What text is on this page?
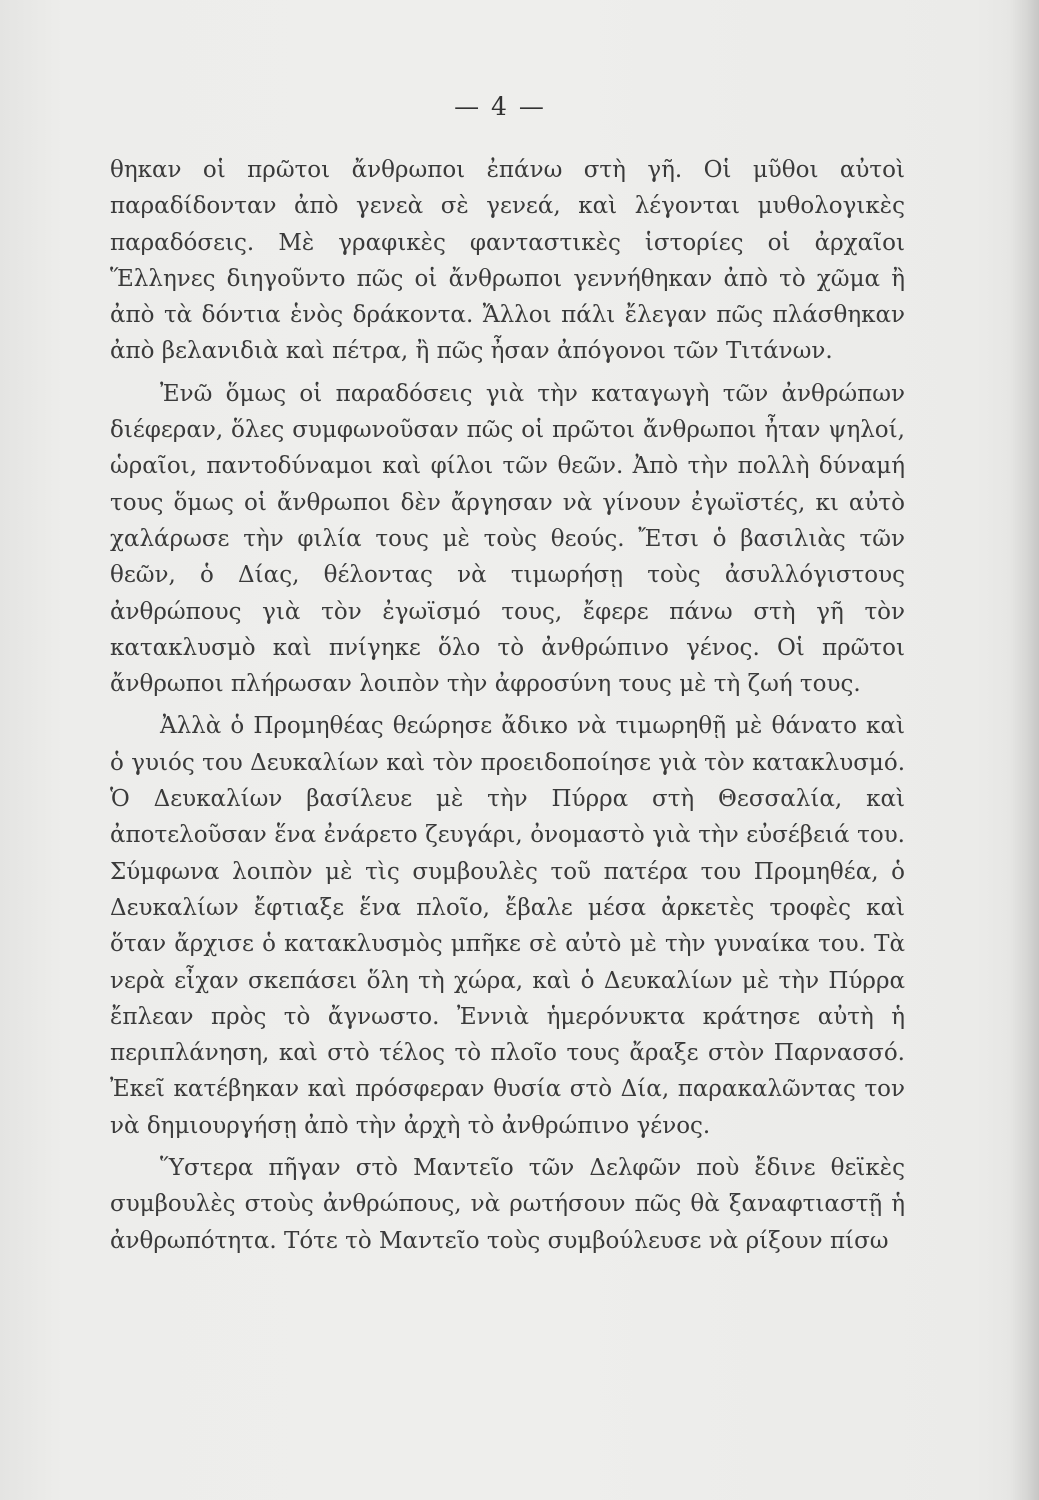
— 4 —

θηκαν οἱ πρῶτοι ἄνθρωποι ἐπάνω στὴ γῆ. Οἱ μῦθοι αὐτοὶ παραδίδονταν ἀπὸ γενεὰ σὲ γενεά, καὶ λέγονται μυθολογικὲς παραδόσεις. Μὲ γραφικὲς φανταστικὲς ἱστορίες οἱ ἀρχαῖοι Ἕλληνες διηγοῦντο πῶς οἱ ἄνθρωποι γεννήθηκαν ἀπὸ τὸ χῶμα ἢ ἀπὸ τὰ δόντια ἑνὸς δράκοντα. Ἄλλοι πάλι ἔλεγαν πῶς πλάσθηκαν ἀπὸ βελανιδιὰ καὶ πέτρα, ἢ πῶς ἦσαν ἀπόγονοι τῶν Τιτάνων.

Ἐνῶ ὅμως οἱ παραδόσεις γιὰ τὴν καταγωγὴ τῶν ἀνθρώπων διέφεραν, ὅλες συμφωνοῦσαν πῶς οἱ πρῶτοι ἄνθρωποι ἦταν ψηλοί, ὡραῖοι, παντοδύναμοι καὶ φίλοι τῶν θεῶν. Ἀπὸ τὴν πολλὴ δύναμή τους ὅμως οἱ ἄνθρωποι δὲν ἄργησαν νὰ γίνουν ἐγωϊστές, κι αὐτὸ χαλάρωσε τὴν φιλία τους μὲ τοὺς θεούς. Ἔτσι ὁ βασιλιὰς τῶν θεῶν, ὁ Δίας, θέλοντας νὰ τιμωρήσῃ τοὺς ἀσυλλόγιστους ἀνθρώπους γιὰ τὸν ἐγωϊσμό τους, ἔφερε πάνω στὴ γῆ τὸν κατακλυσμὸ καὶ πνίγηκε ὅλο τὸ ἀνθρώπινο γένος. Οἱ πρῶτοι ἄνθρωποι πλήρωσαν λοιπὸν τὴν ἀφροσύνη τους μὲ τὴ ζωή τους.

Ἀλλὰ ὁ Προμηθέας θεώρησε ἄδικο νὰ τιμωρηθῇ μὲ θάνατο καὶ ὁ γυιός του Δευκαλίων καὶ τὸν προειδοποίησε γιὰ τὸν κατακλυσμό. Ὁ Δευκαλίων βασίλευε μὲ τὴν Πύρρα στὴ Θεσσαλία, καὶ ἀποτελοῦσαν ἕνα ἐνάρετο ζευγάρι, ὀνομαστὸ γιὰ τὴν εὐσέβειά του. Σύμφωνα λοιπὸν μὲ τὶς συμβουλὲς τοῦ πατέρα του Προμηθέα, ὁ Δευκαλίων ἔφτιαξε ἕνα πλοῖο, ἔβαλε μέσα ἀρκετὲς τροφὲς καὶ ὅταν ἄρχισε ὁ κατακλυσμὸς μπῆκε σὲ αὐτὸ μὲ τὴν γυναίκα του. Τὰ νερὰ εἶχαν σκεπάσει ὅλη τὴ χώρα, καὶ ὁ Δευκαλίων μὲ τὴν Πύρρα ἔπλεαν πρὸς τὸ ἄγνωστο. Ἐννιὰ ἡμερόνυκτα κράτησε αὐτὴ ἡ περιπλάνηση, καὶ στὸ τέλος τὸ πλοῖο τους ἄραξε στὸν Παρνασσό. Ἐκεῖ κατέβηκαν καὶ πρόσφεραν θυσία στὸ Δία, παρακαλῶντας τον νὰ δημιουργήσῃ ἀπὸ τὴν ἀρχὴ τὸ ἀνθρώπινο γένος.

Ὕστερα πῆγαν στὸ Μαντεῖο τῶν Δελφῶν ποὺ ἔδινε θεϊκὲς συμβουλὲς στοὺς ἀνθρώπους, νὰ ρωτήσουν πῶς θὰ ξαναφτιαστῇ ἡ ἀνθρωπότητα. Τότε τὸ Μαντεῖο τοὺς συμβούλευσε νὰ ρίξουν πίσω
